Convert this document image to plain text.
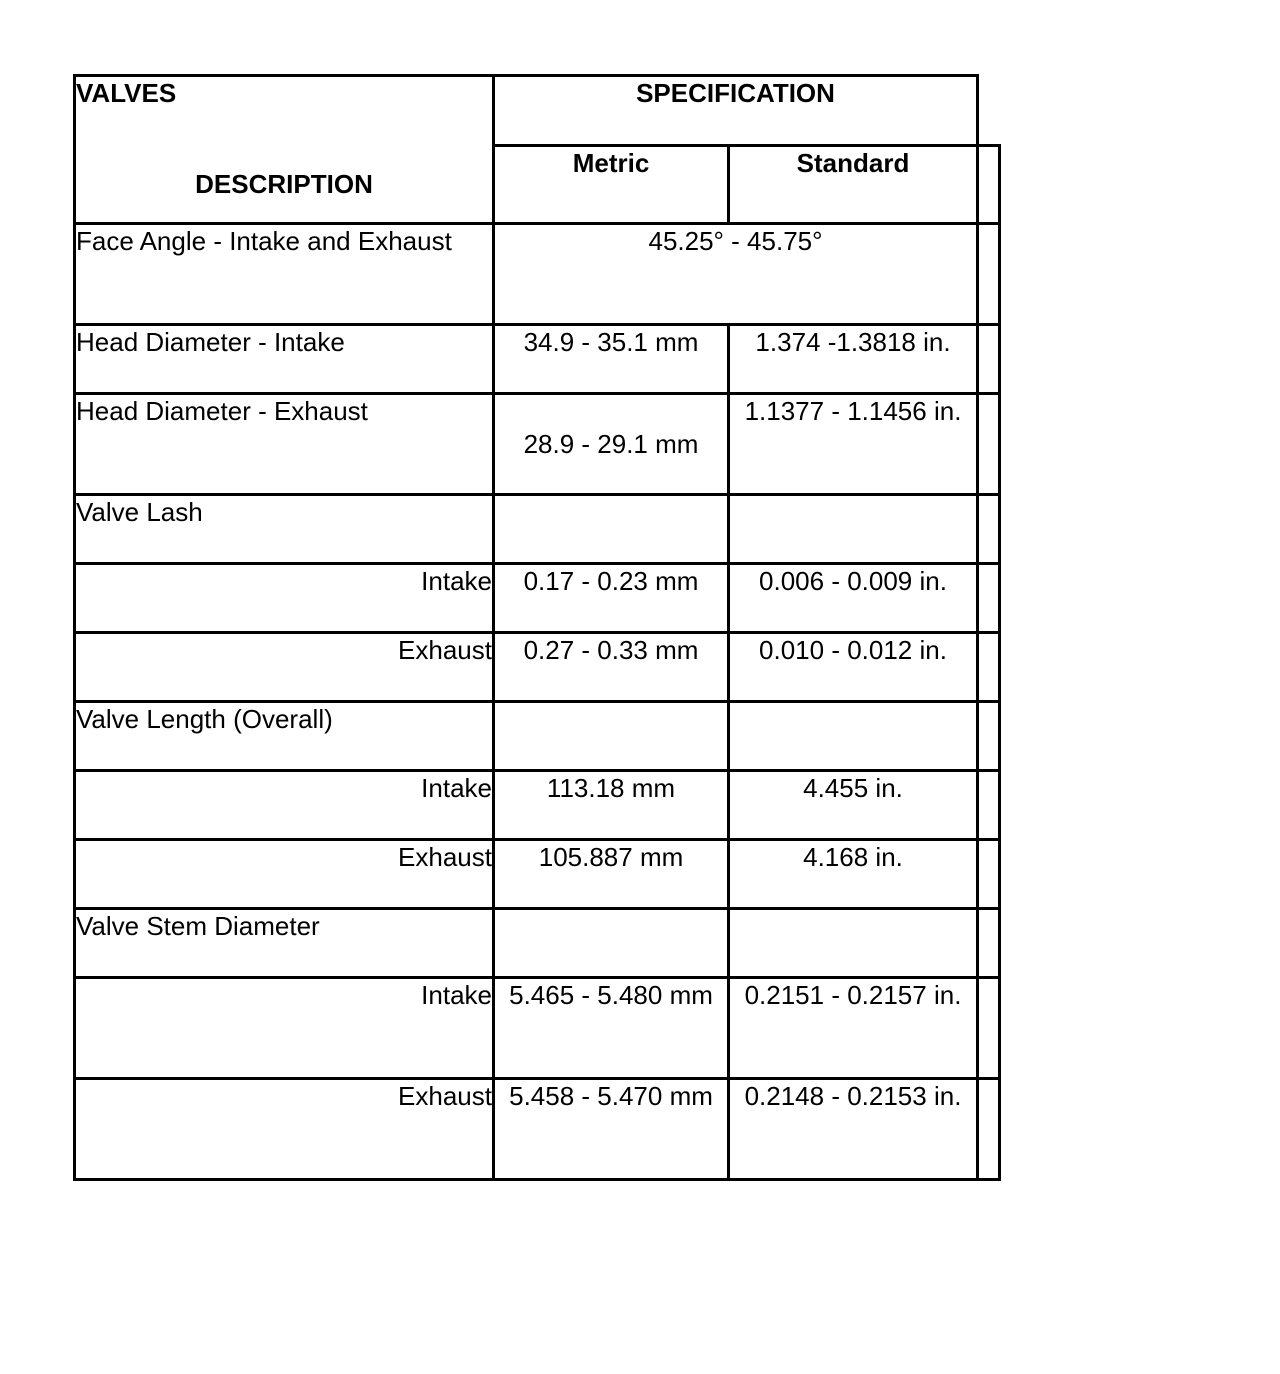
VALVES	SPECIFICATION		
DESCRIPTION	Metric	Standard	
Face Angle - Intake and Exhaust	45.25° - 45.75°		
Head Diameter - Intake	34.9 - 35.1 mm	1.374 -1.3818 in.	
Head Diameter - Exhaust	28.9 - 29.1 mm	1.1377 - 1.1456 in.	
Valve Lash			
Intake	0.17 - 0.23 mm	0.006 - 0.009 in.	
Exhaust	0.27 - 0.33 mm	0.010 - 0.012 in.	
Valve Length (Overall)			
Intake	113.18 mm	4.455 in.	
Exhaust	105.887 mm	4.168 in.	
Valve Stem Diameter			
Intake	5.465 - 5.480 mm	0.2151 - 0.2157 in.	
Exhaust	5.458 - 5.470 mm	0.2148 - 0.2153 in.	
